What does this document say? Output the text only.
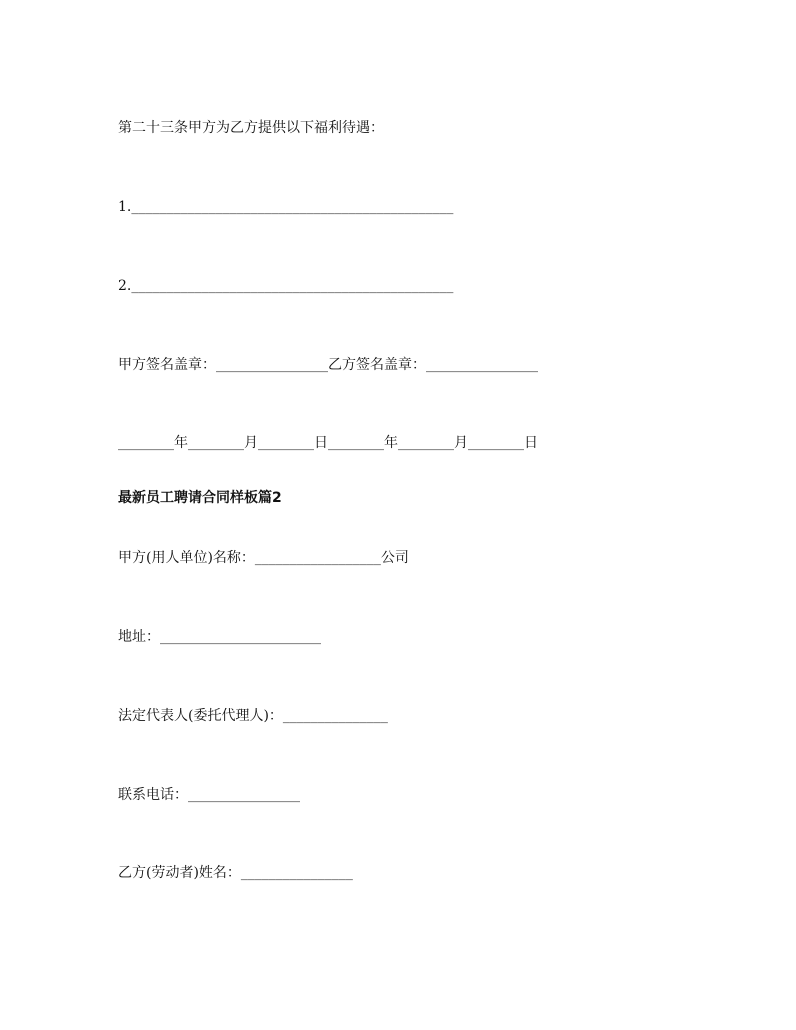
第二十三条甲方为乙方提供以下福利待遇：
1.______________________________________________
2.______________________________________________
甲方签名盖章：________________乙方签名盖章：________________
________年________月________日________年________月________日
最新员工聘请合同样板篇2
甲方(用人单位)名称：__________________公司
地址：_______________________
法定代表人(委托代理人)：_______________
联系电话：________________
乙方(劳动者)姓名：________________
